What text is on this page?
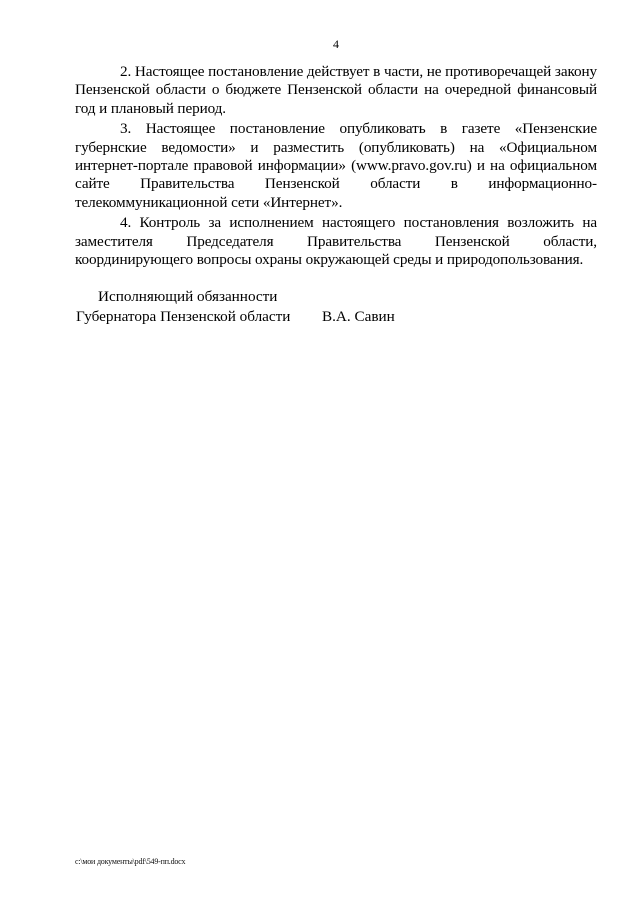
4

2. Настоящее постановление действует в части, не противоречащей закону Пензенской области о бюджете Пензенской области на очередной финансовый год и плановый период.

3. Настоящее постановление опубликовать в газете «Пензенские губернские ведомости» и разместить (опубликовать) на «Официальном интернет-портале правовой информации» (www.pravo.gov.ru) и на официальном сайте Правительства Пензенской области в информационно-телекоммуникационной сети «Интернет».

4. Контроль за исполнением настоящего постановления возложить на заместителя Председателя Правительства Пензенской области, координирующего вопросы охраны окружающей среды и природопользования.

Исполняющий обязанности
Губернатора Пензенской области В.А. Савин
c:\мои документы\pdf\549-пп.docx
